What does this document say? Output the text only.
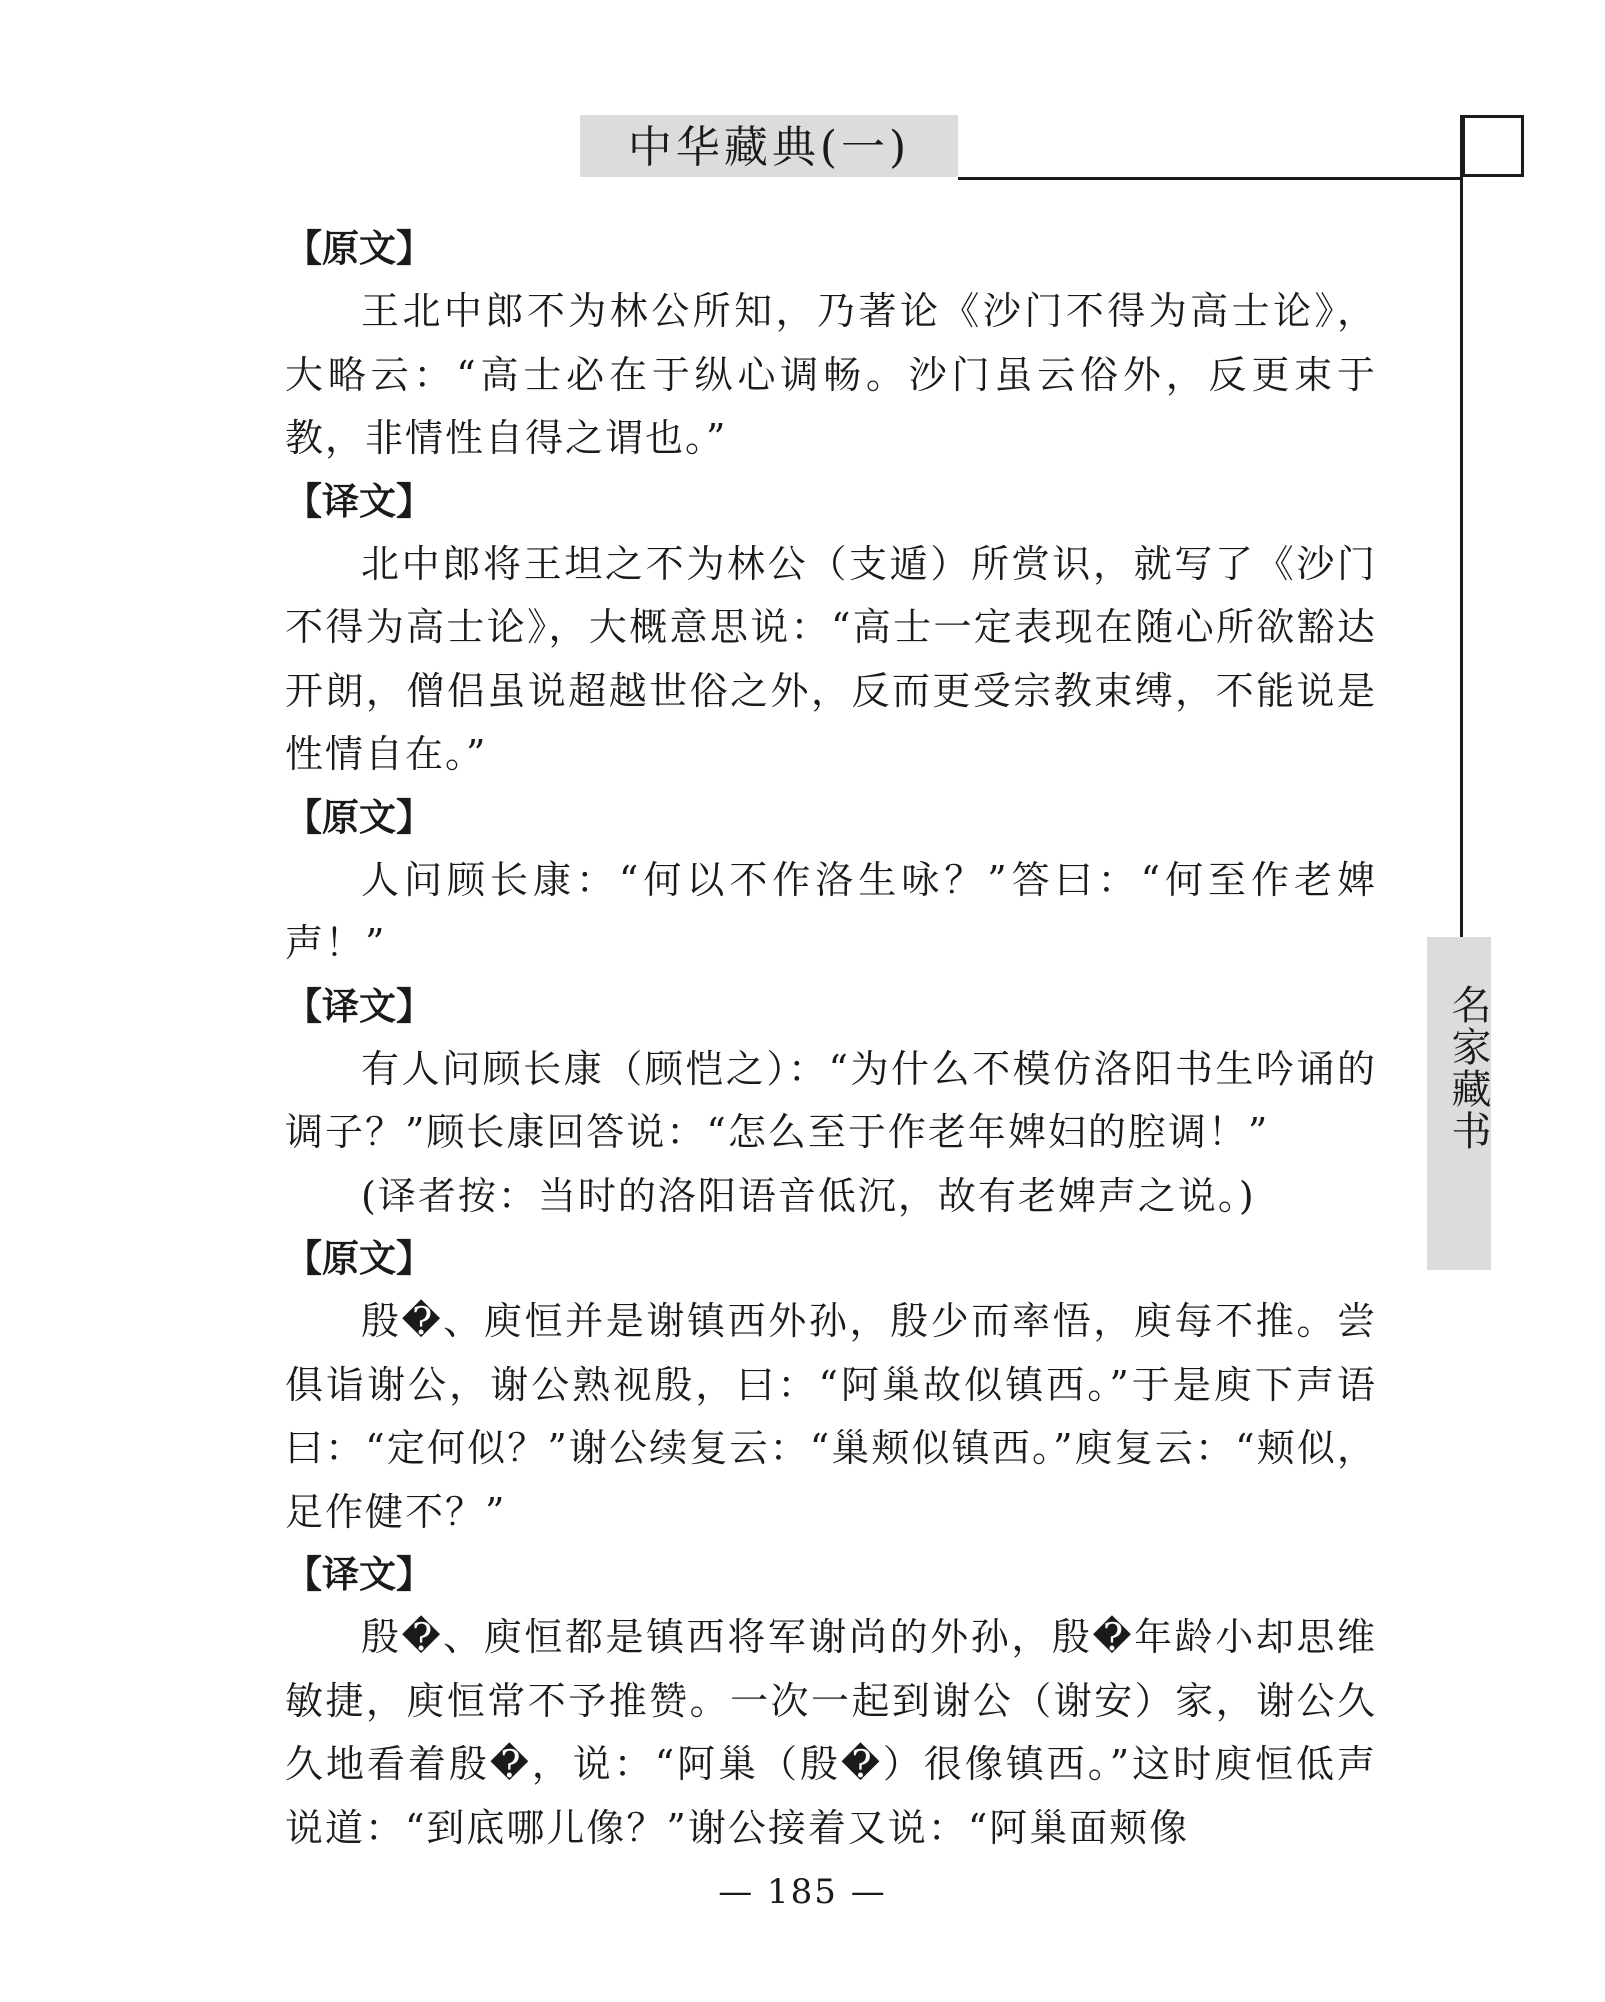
中华藏典(一)
名家藏书

【原文】

王北中郎不为林公所知，乃著论《沙门不得为高士论》，大略云：“高士必在于纵心调畅。沙门虽云俗外，反更束于教，非情性自得之谓也。”

【译文】

北中郎将王坦之不为林公（支遁）所赏识，就写了《沙门不得为高士论》，大概意思说：“高士一定表现在随心所欲豁达开朗，僧侣虽说超越世俗之外，反而更受宗教束缚，不能说是性情自在。”

【原文】

人问顾长康：“何以不作洛生咏？”答曰：“何至作老婢声！”

【译文】

有人问顾长康（顾恺之）：“为什么不模仿洛阳书生吟诵的调子？”顾长康回答说：“怎么至于作老年婢妇的腔调！”

(译者按：当时的洛阳语音低沉，故有老婢声之说。)

【原文】

殷�、庾恒并是谢镇西外孙，殷少而率悟，庾每不推。尝俱诣谢公，谢公熟视殷，曰：“阿巢故似镇西。”于是庾下声语曰：“定何似？”谢公续复云：“巢颊似镇西。”庾复云：“颊似，足作健不？”

【译文】

殷�、庾恒都是镇西将军谢尚的外孙，殷�年龄小却思维敏捷，庾恒常不予推赞。一次一起到谢公（谢安）家，谢公久久地看着殷�，说：“阿巢（殷�）很像镇西。”这时庾恒低声说道：“到底哪儿像？”谢公接着又说：“阿巢面颊像

— 185 —
